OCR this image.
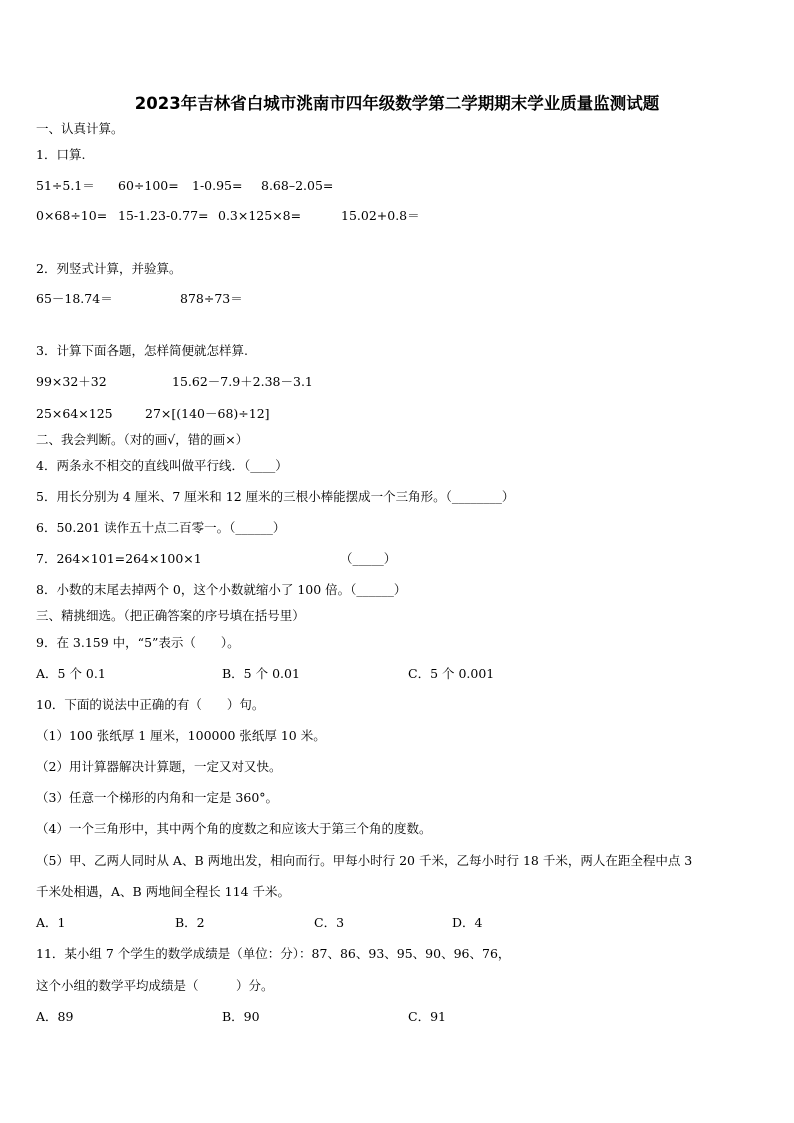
2023年吉林省白城市洮南市四年级数学第二学期期末学业质量监测试题
一、认真计算。
1．口算.
51÷5.1＝ 60÷100= 1-0.95= 8.68–2.05=
0×68÷10= 15-1.23-0.77= 0.3×125×8=	15.02+0.8＝
2．列竖式计算，并验算。
65－18.74＝	878÷73＝
3．计算下面各题，怎样简便就怎样算.
99×32＋32	15.62－7.9＋2.38－3.1
25×64×125	27×[(140－68)÷12]
二、我会判断。（对的画√，错的画×）
4．两条永不相交的直线叫做平行线．（____）
5．用长分别为 4 厘米、7 厘米和 12 厘米的三根小棒能摆成一个三角形。（________）
6．50.201 读作五十点二百零一。（______）
7．264×101=264×100×1	（_____）
8．小数的末尾去掉两个 0，这个小数就缩小了 100 倍。（______）
三、精挑细选。（把正确答案的序号填在括号里）
9．在 3.159 中，“5”表示（　　）。
A．5 个 0.1	B．5 个 0.01	C．5 个 0.001
10．下面的说法中正确的有（　　）句。
（1）100 张纸厚 1 厘米，100000 张纸厚 10 米。
（2）用计算器解决计算题，一定又对又快。
（3）任意一个梯形的内角和一定是 360°。
（4）一个三角形中，其中两个角的度数之和应该大于第三个角的度数。
（5）甲、乙两人同时从 A、B 两地出发，相向而行。甲每小时行 20 千米，乙每小时行 18 千米，两人在距全程中点 3
千米处相遇，A、B 两地间全程长 114 千米。
A．1	B．2	C．3	D．4
11．某小组 7 个学生的数学成绩是（单位：分）：87、86、93、95、90、96、76，
这个小组的数学平均成绩是（　　　）分。
A．89	B．90	C．91
